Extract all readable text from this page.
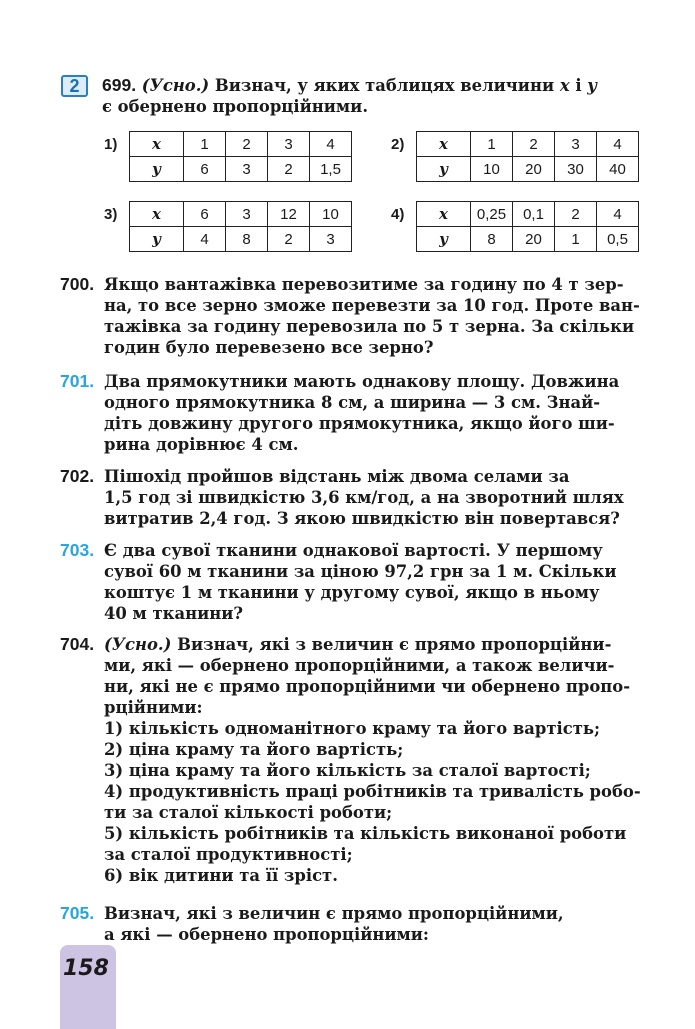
2	699. (Усно.) Визнач, у яких таблицях величини x і y
є обернено пропорційними.
1) x	1	2	3	4
y	6	3	2	1,5
2) x	1	2	3	4
y	10	20	30	40
3) x	6	3	12	10
y	4	8	2	3
4) x	0,25	0,1	2	4
y	8	20	1	0,5
700. Якщо вантажівка перевозитиме за годину по 4 т зер-
на, то все зерно зможе перевезти за 10 год. Проте ван-
тажівка за годину перевозила по 5 т зерна. За скільки
годин було перевезено все зерно?
701. Два прямокутники мають однакову площу. Довжина
одного прямокутника 8 см, а ширина — 3 см. Знай-
діть довжину другого прямокутника, якщо його ши-
рина дорівнює 4 см.
702. Пішохід пройшов відстань між двома селами за
1,5 год зі швидкістю 3,6 км/год, а на зворотний шлях
витратив 2,4 год. З якою швидкістю він повертався?
703. Є два сувої тканини однакової вартості. У першому
сувої 60 м тканини за ціною 97,2 грн за 1 м. Скільки
коштує 1 м тканини у другому сувої, якщо в ньому
40 м тканини?
704. (Усно.) Визнач, які з величин є прямо пропорційни-
ми, які — обернено пропорційними, а також величи-
ни, які не є прямо пропорційними чи обернено пропо-
рційними:
1) кількість одноманітного краму та його вартість;
2) ціна краму та його вартість;
3) ціна краму та його кількість за сталої вартості;
4) продуктивність праці робітників та тривалість робо-
ти за сталої кількості роботи;
5) кількість робітників та кількість виконаної роботи
за сталої продуктивності;
6) вік дитини та її зріст.
705. Визнач, які з величин є прямо пропорційними,
а які — обернено пропорційними:
158
